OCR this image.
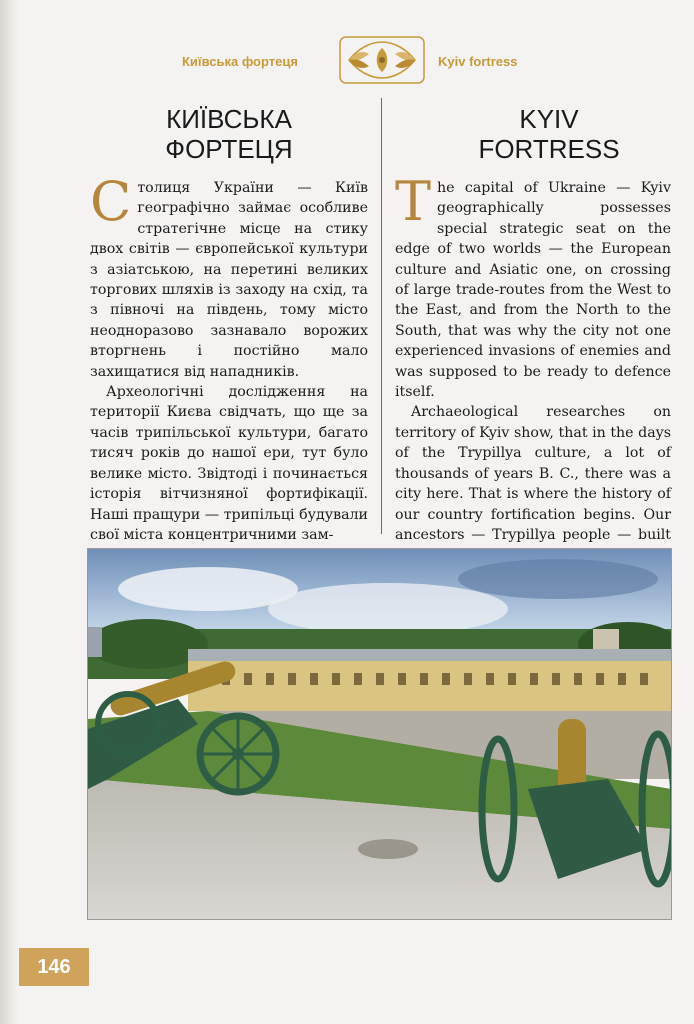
Київська фортеця	Kyiv fortress
КИЇВСЬКА
ФОРТЕЦЯ
KYIV
FORTRESS

Столиця України — Київ географічно займає особливе стратегічне місце на стику двох світів — європейської культури з азіатською, на перетині великих торгових шляхів із заходу на схід, та з півночі на південь, тому місто неодноразово зазнавало ворожих вторгнень і постійно мало захищатися від нападників.

Археологічні дослідження на території Києва свідчать, що ще за часів трипільської культури, багато тисяч років до нашої ери, тут було велике місто. Звідтоді і починається історія вітчизняної фортифікації. Наші пращури — трипільці будували свої міста концентричними зам-

The capital of Ukraine — Kyiv geographically possesses special strategic seat on the edge of two worlds — the European culture and Asiatic one, on crossing of large trade-routes from the West to the East, and from the North to the South, that was why the city not one experienced invasions of enemies and was supposed to be ready to defence itself.

Archaeological researches on territory of Kyiv show, that in the days of the Trypillya culture, a lot of thousands of years B. C., there was a city here. That is where the history of our country fortification begins. Our ancestors — Trypillya people — built

146
